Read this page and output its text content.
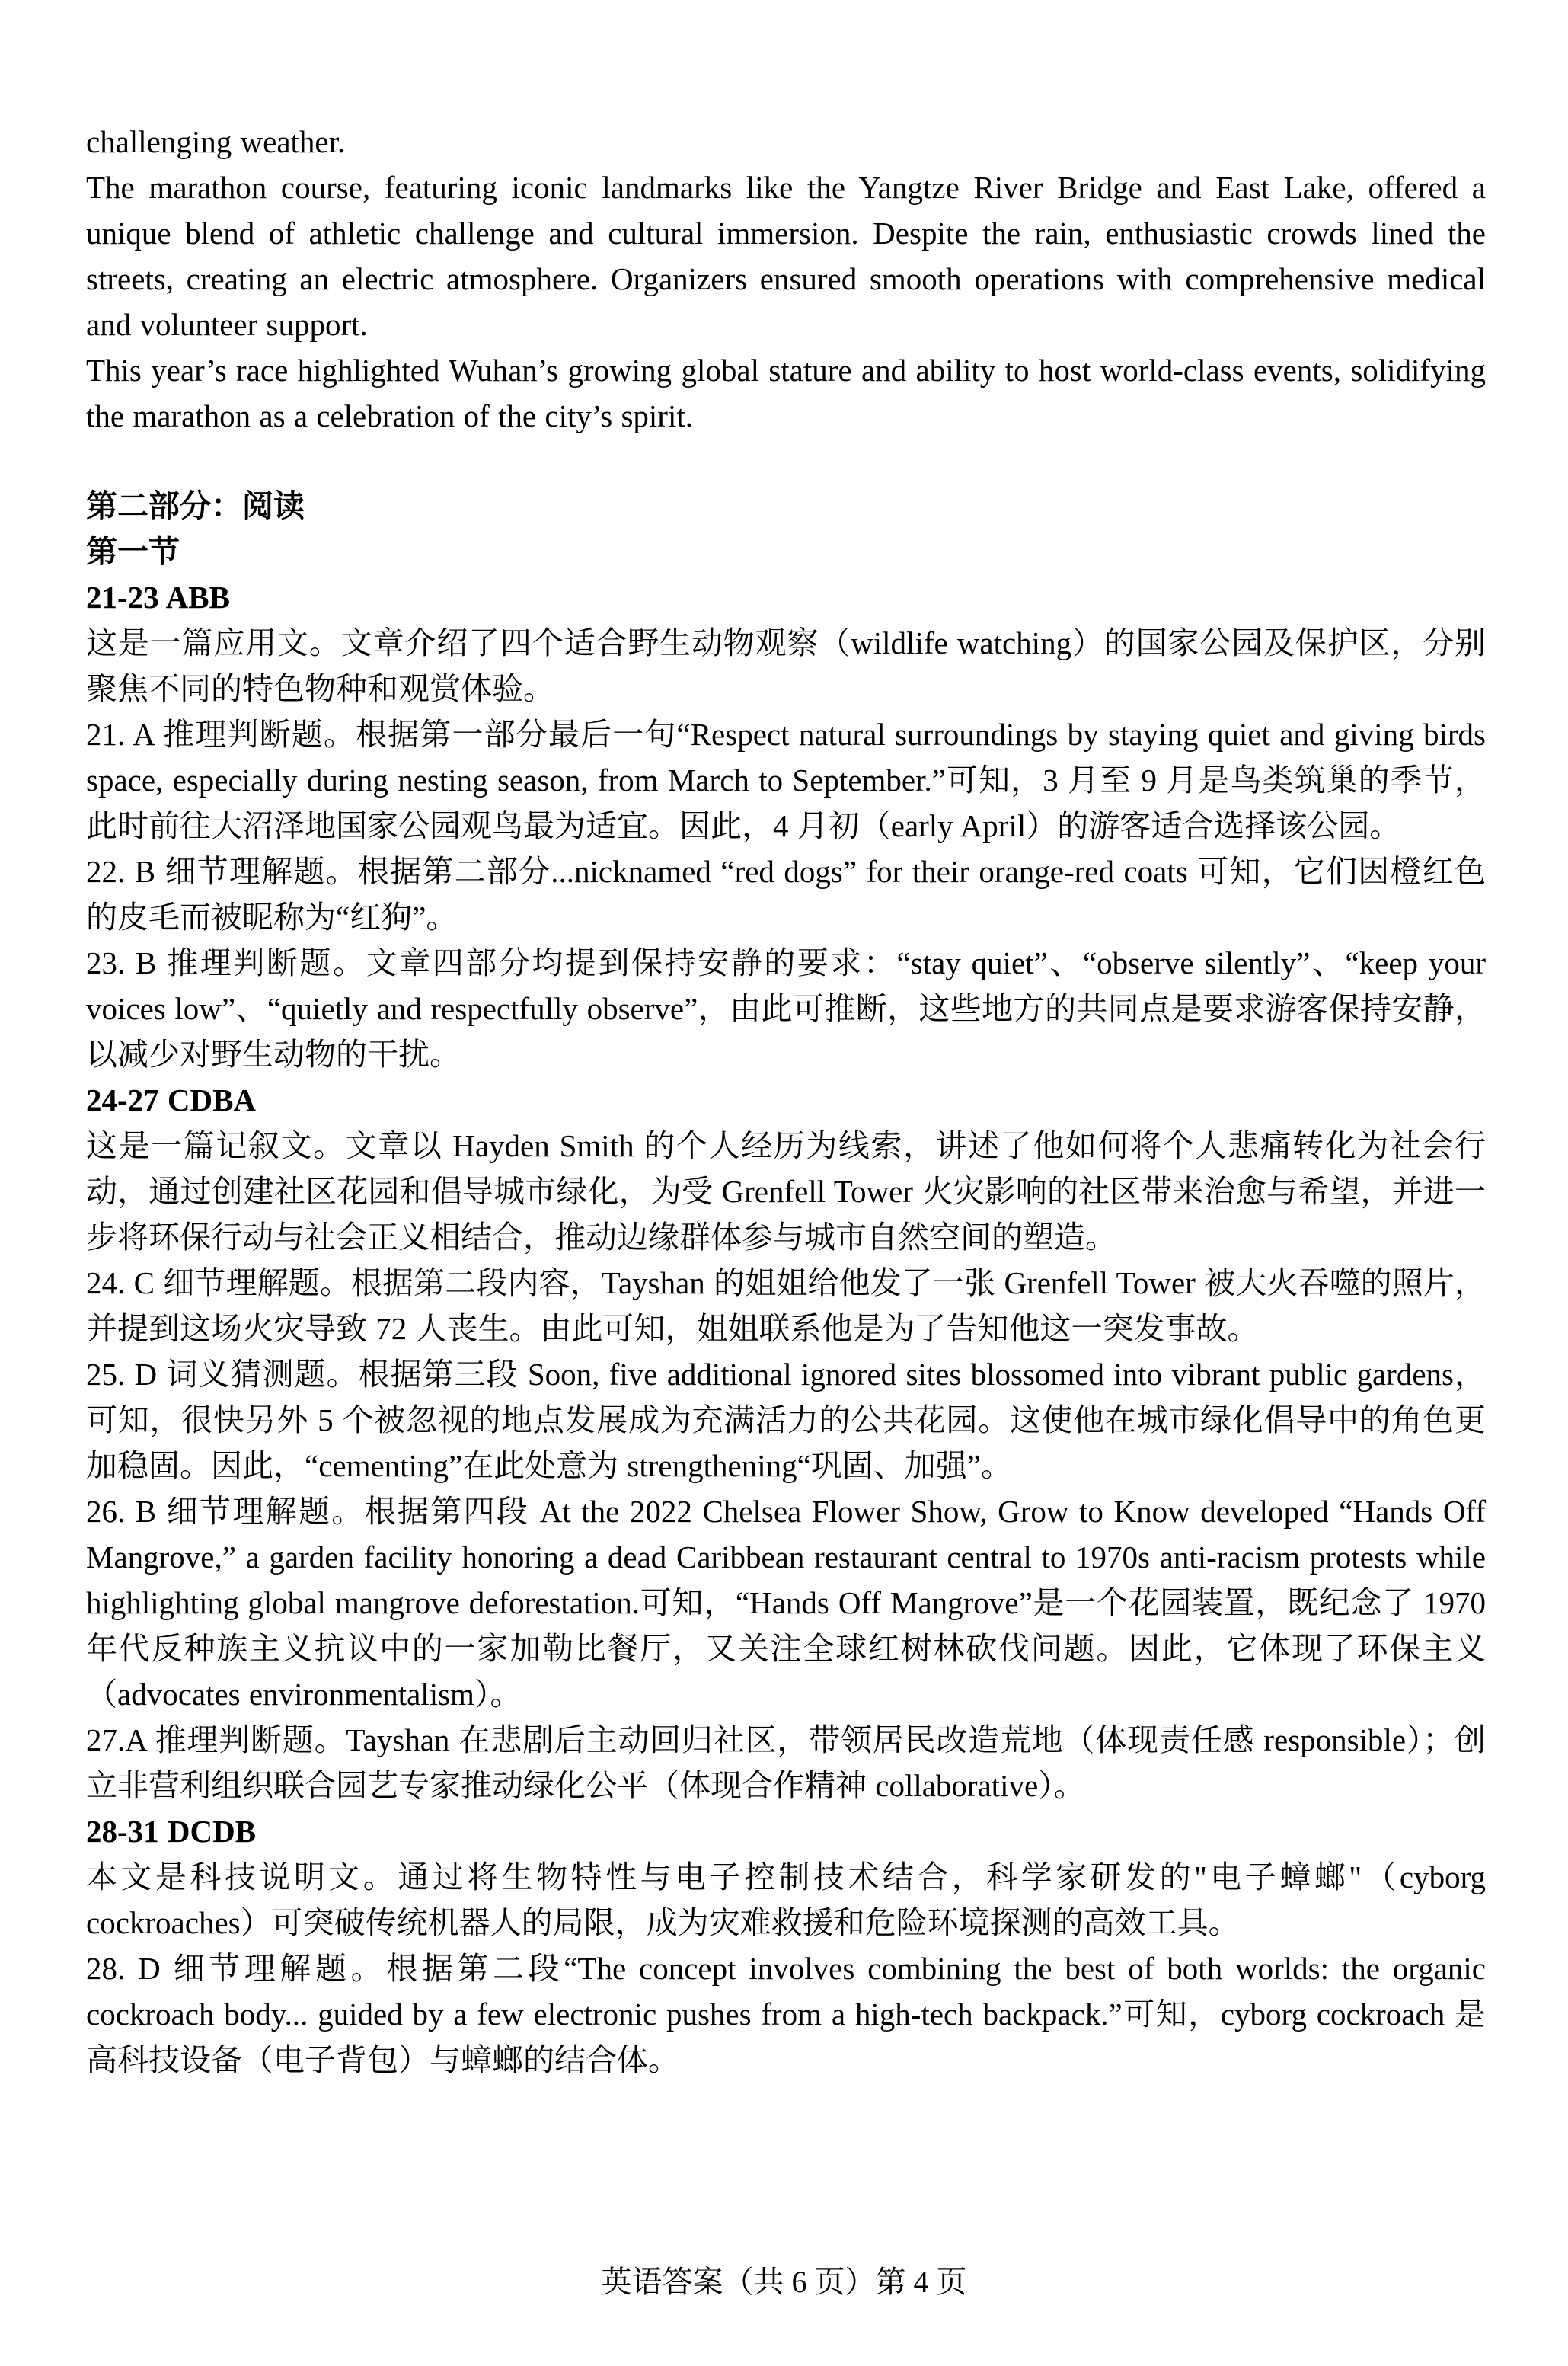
challenging weather.

The marathon course, featuring iconic landmarks like the Yangtze River Bridge and East Lake, offered a unique blend of athletic challenge and cultural immersion. Despite the rain, enthusiastic crowds lined the streets, creating an electric atmosphere. Organizers ensured smooth operations with comprehensive medical and volunteer support.

This year’s race highlighted Wuhan’s growing global stature and ability to host world-class events, solidifying the marathon as a celebration of the city’s spirit.

第二部分：阅读

第一节

21-23 ABB

这是一篇应用文。文章介绍了四个适合野生动物观察（wildlife watching）的国家公园及保护区，分别聚焦不同的特色物种和观赏体验。

21. A 推理判断题。根据第一部分最后一句“Respect natural surroundings by staying quiet and giving birds space, especially during nesting season, from March to September.”可知，3 月至 9 月是鸟类筑巢的季节，此时前往大沼泽地国家公园观鸟最为适宜。因此，4 月初（early April）的游客适合选择该公园。

22. B 细节理解题。根据第二部分...nicknamed “red dogs” for their orange-red coats 可知，它们因橙红色的皮毛而被昵称为“红狗”。

23. B 推理判断题。文章四部分均提到保持安静的要求：“stay quiet”、“observe silently”、“keep your voices low”、“quietly and respectfully observe”，由此可推断，这些地方的共同点是要求游客保持安静，以减少对野生动物的干扰。

24-27 CDBA

这是一篇记叙文。文章以 Hayden Smith 的个人经历为线索，讲述了他如何将个人悲痛转化为社会行动，通过创建社区花园和倡导城市绿化，为受 Grenfell Tower 火灾影响的社区带来治愈与希望，并进一步将环保行动与社会正义相结合，推动边缘群体参与城市自然空间的塑造。

24. C 细节理解题。根据第二段内容，Tayshan 的姐姐给他发了一张 Grenfell Tower 被大火吞噬的照片，并提到这场火灾导致 72 人丧生。由此可知，姐姐联系他是为了告知他这一突发事故。

25. D 词义猜测题。根据第三段 Soon, five additional ignored sites blossomed into vibrant public gardens，可知，很快另外 5 个被忽视的地点发展成为充满活力的公共花园。这使他在城市绿化倡导中的角色更加稳固。因此，“cementing”在此处意为 strengthening“巩固、加强”。

26. B 细节理解题。根据第四段 At the 2022 Chelsea Flower Show, Grow to Know developed “Hands Off Mangrove,” a garden facility honoring a dead Caribbean restaurant central to 1970s anti-racism protests while highlighting global mangrove deforestation.可知，“Hands Off Mangrove”是一个花园装置，既纪念了 1970 年代反种族主义抗议中的一家加勒比餐厅，又关注全球红树林砍伐问题。因此，它体现了环保主义（advocates environmentalism）。

27.A 推理判断题。Tayshan 在悲剧后主动回归社区，带领居民改造荒地（体现责任感 responsible）；创立非营利组织联合园艺专家推动绿化公平（体现合作精神 collaborative）。

28-31 DCDB

本文是科技说明文。通过将生物特性与电子控制技术结合，科学家研发的"电子蟑螂"（cyborg cockroaches）可突破传统机器人的局限，成为灾难救援和危险环境探测的高效工具。

28. D 细节理解题。根据第二段“The concept involves combining the best of both worlds: the organic cockroach body... guided by a few electronic pushes from a high-tech backpack.”可知，cyborg cockroach 是高科技设备（电子背包）与蟑螂的结合体。

英语答案（共 6 页）第 4 页
